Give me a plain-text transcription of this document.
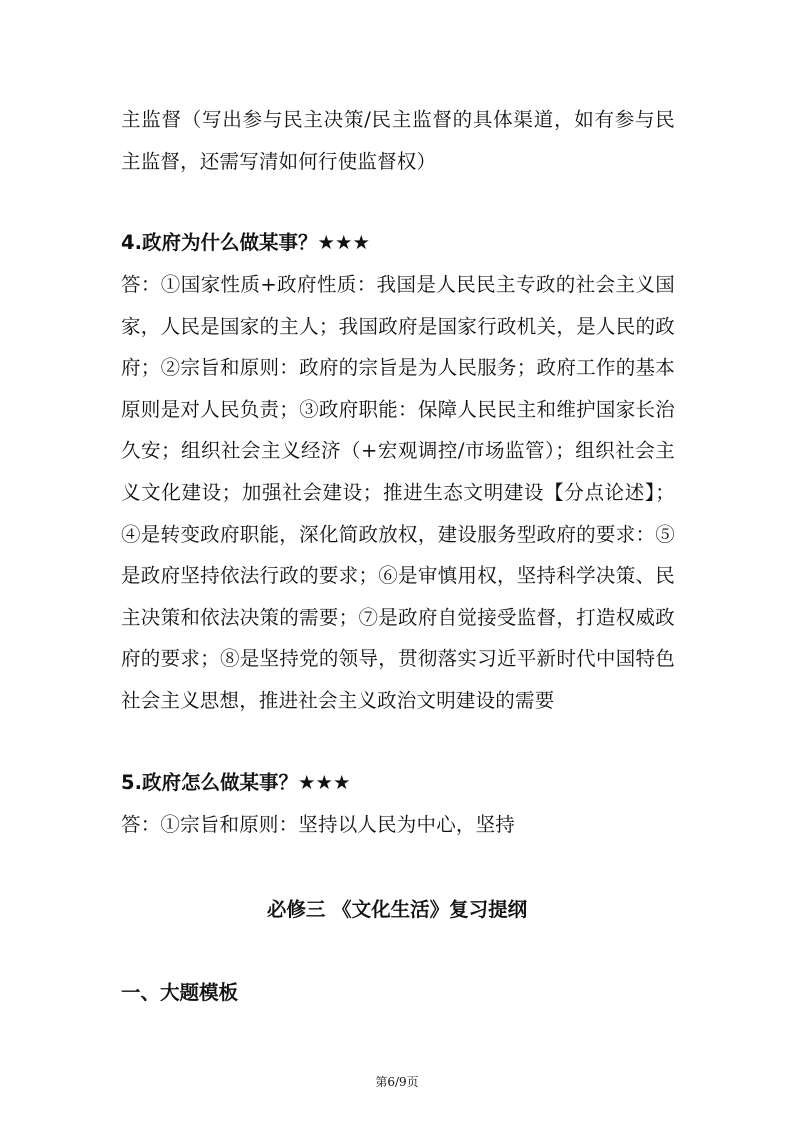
主监督（写出参与民主决策/民主监督的具体渠道，如有参与民主监督，还需写清如何行使监督权）

4.政府为什么做某事？★★★

答：①国家性质+政府性质：我国是人民民主专政的社会主义国家，人民是国家的主人；我国政府是国家行政机关，是人民的政府；②宗旨和原则：政府的宗旨是为人民服务；政府工作的基本原则是对人民负责；③政府职能：保障人民民主和维护国家长治久安；组织社会主义经济（+宏观调控/市场监管）；组织社会主义文化建设；加强社会建设；推进生态文明建设【分点论述】；④是转变政府职能，深化简政放权，建设服务型政府的要求：⑤是政府坚持依法行政的要求；⑥是审慎用权，坚持科学决策、民主决策和依法决策的需要；⑦是政府自觉接受监督，打造权威政府的要求；⑧是坚持党的领导，贯彻落实习近平新时代中国特色社会主义思想，推进社会主义政治文明建设的需要

5.政府怎么做某事？★★★

答：①宗旨和原则：坚持以人民为中心，坚持

必修三 《文化生活》复习提纲
一、大题模板
第6/9页
